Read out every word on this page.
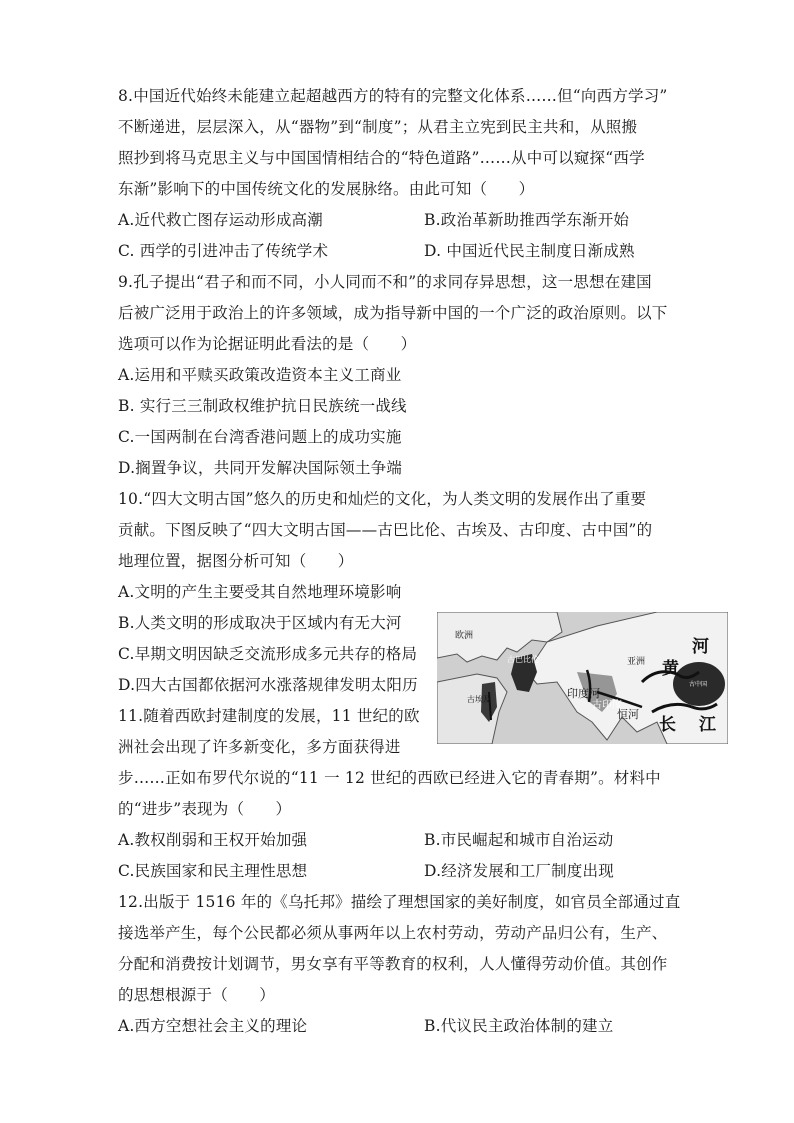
8.中国近代始终未能建立起超越西方的特有的完整文化体系……但“向西方学习”
不断递进，层层深入，从“器物”到“制度”；从君主立宪到民主共和，从照搬
照抄到将马克思主义与中国国情相结合的“特色道路”……从中可以窥探“西学
东渐”影响下的中国传统文化的发展脉络。由此可知（　　）
A.近代救亡图存运动形成高潮	B.政治革新助推西学东渐开始
C. 西学的引进冲击了传统学术	D. 中国近代民主制度日渐成熟
9.孔子提出“君子和而不同，小人同而不和”的求同存异思想，这一思想在建国
后被广泛用于政治上的许多领域，成为指导新中国的一个广泛的政治原则。以下
选项可以作为论据证明此看法的是（　　）
A.运用和平赎买政策改造资本主义工商业
B. 实行三三制政权维护抗日民族统一战线
C.一国两制在台湾香港问题上的成功实施
D.搁置争议，共同开发解决国际领土争端
10.“四大文明古国”悠久的历史和灿烂的文化，为人类文明的发展作出了重要
贡献。下图反映了“四大文明古国——古巴比伦、古埃及、古印度、古中国”的
地理位置，据图分析可知（　　）
A.文明的产生主要受其自然地理环境影响
B.人类文明的形成取决于区域内有无大河
C.早期文明因缺乏交流形成多元共存的格局
D.四大古国都依据河水涨落规律发明太阳历
欧洲
亚洲
印度河
古印度
恒河
黄
河
长 江
古巴比伦
古埃及
古中国
11.随着西欧封建制度的发展，11 世纪的欧
洲社会出现了许多新变化，多方面获得进
步……正如布罗代尔说的“11 一 12 世纪的西欧已经进入它的青春期”。材料中
的“进步”表现为（　　）
A.教权削弱和王权开始加强	B.市民崛起和城市自治运动
C.民族国家和民主理性思想	D.经济发展和工厂制度出现
12.出版于 1516 年的《乌托邦》描绘了理想国家的美好制度，如官员全部通过直
接选举产生，每个公民都必须从事两年以上农村劳动，劳动产品归公有，生产、
分配和消费按计划调节，男女享有平等教育的权利，人人懂得劳动价值。其创作
的思想根源于（　　）
A.西方空想社会主义的理论	B.代议民主政治体制的建立
